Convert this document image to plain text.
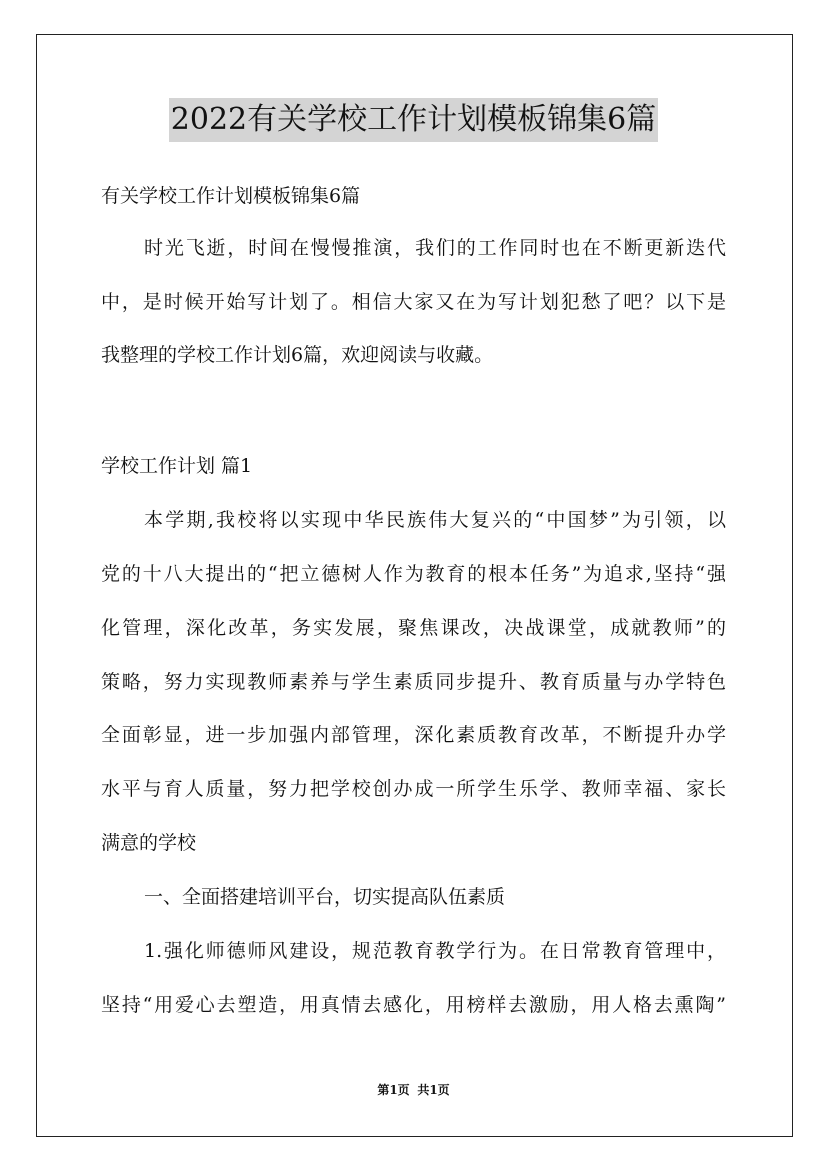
2022有关学校工作计划模板锦集6篇
有关学校工作计划模板锦集6篇
时光飞逝，时间在慢慢推演，我们的工作同时也在不断更新迭代
中，是时候开始写计划了。相信大家又在为写计划犯愁了吧？以下是
我整理的学校工作计划6篇，欢迎阅读与收藏。
学校工作计划 篇1
本学期,我校将以实现中华民族伟大复兴的“中国梦”为引领，以
党的十八大提出的“把立德树人作为教育的根本任务”为追求,坚持“强
化管理，深化改革，务实发展，聚焦课改，决战课堂，成就教师”的
策略，努力实现教师素养与学生素质同步提升、教育质量与办学特色
全面彰显，进一步加强内部管理，深化素质教育改革，不断提升办学
水平与育人质量，努力把学校创办成一所学生乐学、教师幸福、家长
满意的学校
一、全面搭建培训平台，切实提高队伍素质
1.强化师德师风建设，规范教育教学行为。在日常教育管理中，
坚持“用爱心去塑造，用真情去感化，用榜样去激励，用人格去熏陶”
第1页 共1页
